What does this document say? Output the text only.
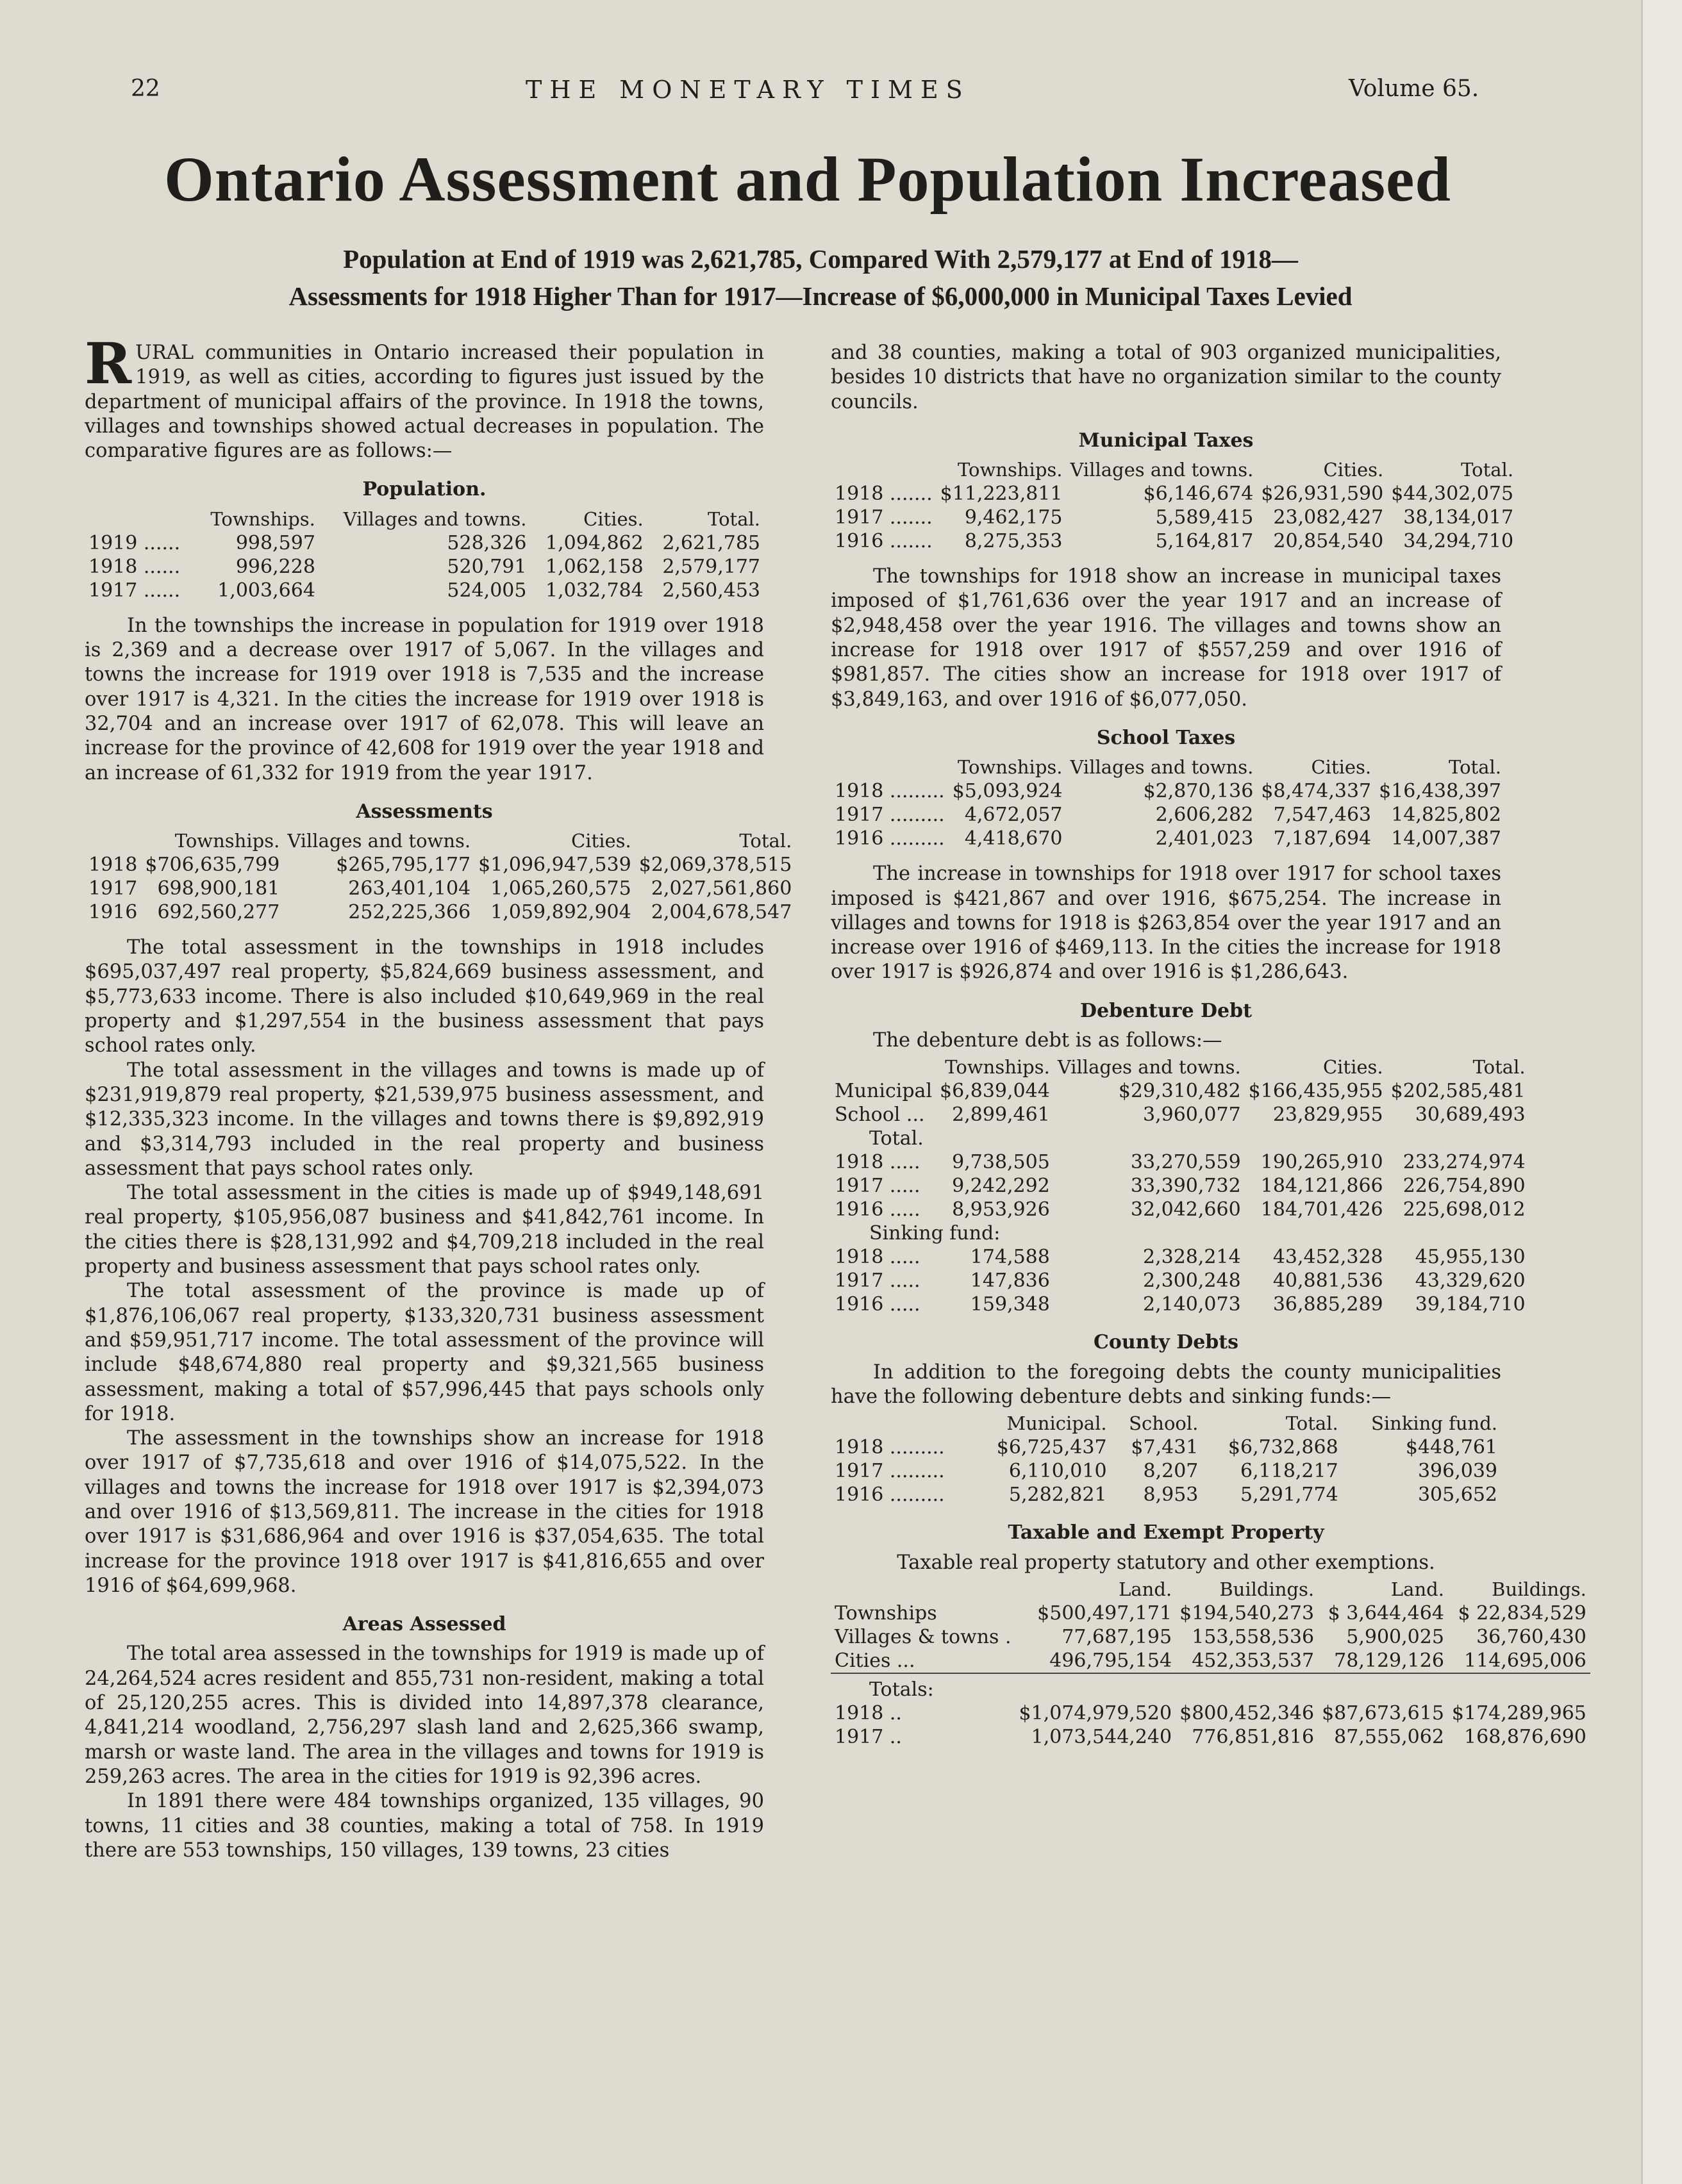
22	THE MONETARY TIMES	Volume 65.
Ontario Assessment and Population Increased
Population at End of 1919 was 2,621,785, Compared With 2,579,177 at End of 1918—
Assessments for 1918 Higher Than for 1917—Increase of $6,000,000 in Municipal Taxes Levied

RURAL communities in Ontario increased their population in 1919, as well as cities, according to figures just issued by the department of municipal affairs of the province. In 1918 the towns, villages and townships showed actual decreases in population. The comparative figures are as follows:—

Population.
	Townships.	Villages and towns.	Cities.	Total.
1919 ......	998,597	528,326	1,094,862	2,621,785
1918 ......	996,228	520,791	1,062,158	2,579,177
1917 ......	1,003,664	524,005	1,032,784	2,560,453

In the townships the increase in population for 1919 over 1918 is 2,369 and a decrease over 1917 of 5,067. In the villages and towns the increase for 1919 over 1918 is 7,535 and the increase over 1917 is 4,321. In the cities the increase for 1919 over 1918 is 32,704 and an increase over 1917 of 62,078. This will leave an increase for the province of 42,608 for 1919 over the year 1918 and an increase of 61,332 for 1919 from the year 1917.

Assessments
	Townships.	Villages and towns.	Cities.	Total.
1918	$706,635,799	$265,795,177	$1,096,947,539	$2,069,378,515
1917	698,900,181	263,401,104	1,065,260,575	2,027,561,860
1916	692,560,277	252,225,366	1,059,892,904	2,004,678,547

The total assessment in the townships in 1918 includes $695,037,497 real property, $5,824,669 business assessment, and $5,773,633 income. There is also included $10,649,969 in the real property and $1,297,554 in the business assessment that pays school rates only.

The total assessment in the villages and towns is made up of $231,919,879 real property, $21,539,975 business assessment, and $12,335,323 income. In the villages and towns there is $9,892,919 and $3,314,793 included in the real property and business assessment that pays school rates only.

The total assessment in the cities is made up of $949,148,691 real property, $105,956,087 business and $41,842,761 income. In the cities there is $28,131,992 and $4,709,218 included in the real property and business assessment that pays school rates only.

The total assessment of the province is made up of $1,876,106,067 real property, $133,320,731 business assessment and $59,951,717 income. The total assessment of the province will include $48,674,880 real property and $9,321,565 business assessment, making a total of $57,996,445 that pays schools only for 1918.

The assessment in the townships show an increase for 1918 over 1917 of $7,735,618 and over 1916 of $14,075,522. In the villages and towns the increase for 1918 over 1917 is $2,394,073 and over 1916 of $13,569,811. The increase in the cities for 1918 over 1917 is $31,686,964 and over 1916 is $37,054,635. The total increase for the province 1918 over 1917 is $41,816,655 and over 1916 of $64,699,968.

Areas Assessed

The total area assessed in the townships for 1919 is made up of 24,264,524 acres resident and 855,731 non-resident, making a total of 25,120,255 acres. This is divided into 14,897,378 clearance, 4,841,214 woodland, 2,756,297 slash land and 2,625,366 swamp, marsh or waste land. The area in the villages and towns for 1919 is 259,263 acres. The area in the cities for 1919 is 92,396 acres.

In 1891 there were 484 townships organized, 135 villages, 90 towns, 11 cities and 38 counties, making a total of 758. In 1919 there are 553 townships, 150 villages, 139 towns, 23 cities

and 38 counties, making a total of 903 organized municipalities, besides 10 districts that have no organization similar to the county councils.

Municipal Taxes
	Townships.	Villages and towns.	Cities.	Total.
1918 .......	$11,223,811	$6,146,674	$26,931,590	$44,302,075
1917 .......	9,462,175	5,589,415	23,082,427	38,134,017
1916 .......	8,275,353	5,164,817	20,854,540	34,294,710

The townships for 1918 show an increase in municipal taxes imposed of $1,761,636 over the year 1917 and an increase of $2,948,458 over the year 1916. The villages and towns show an increase for 1918 over 1917 of $557,259 and over 1916 of $981,857. The cities show an increase for 1918 over 1917 of $3,849,163, and over 1916 of $6,077,050.

School Taxes
	Townships.	Villages and towns.	Cities.	Total.
1918 .........	$5,093,924	$2,870,136	$8,474,337	$16,438,397
1917 .........	4,672,057	2,606,282	7,547,463	14,825,802
1916 .........	4,418,670	2,401,023	7,187,694	14,007,387

The increase in townships for 1918 over 1917 for school taxes imposed is $421,867 and over 1916, $675,254. The increase in villages and towns for 1918 is $263,854 over the year 1917 and an increase over 1916 of $469,113. In the cities the increase for 1918 over 1917 is $926,874 and over 1916 is $1,286,643.

Debenture Debt

The debenture debt is as follows:—

	Townships.	Villages and towns.	Cities.	Total.
Municipal	$6,839,044	$29,310,482	$166,435,955	$202,585,481
School ...	2,899,461	3,960,077	23,829,955	30,689,493
Total.				
1918 .....	9,738,505	33,270,559	190,265,910	233,274,974
1917 .....	9,242,292	33,390,732	184,121,866	226,754,890
1916 .....	8,953,926	32,042,660	184,701,426	225,698,012
Sinking fund:				
1918 .....	174,588	2,328,214	43,452,328	45,955,130
1917 .....	147,836	2,300,248	40,881,536	43,329,620
1916 .....	159,348	2,140,073	36,885,289	39,184,710
County Debts

In addition to the foregoing debts the county municipalities have the following debenture debts and sinking funds:—

	Municipal.	School.	Total.	Sinking fund.
1918 .........	$6,725,437	$7,431	$6,732,868	$448,761
1917 .........	6,110,010	8,207	6,118,217	396,039
1916 .........	5,282,821	8,953	5,291,774	305,652
Taxable and Exempt Property
Taxable real property statutory and other exemptions.
	Land.	Buildings.	Land.	Buildings.
Townships	$500,497,171	$194,540,273	$ 3,644,464	$ 22,834,529
Villages & towns .	77,687,195	153,558,536	5,900,025	36,760,430
Cities ...	496,795,154	452,353,537	78,129,126	114,695,006

Totals:				
1918 ..	$1,074,979,520	$800,452,346	$87,673,615	$174,289,965
1917 ..	1,073,544,240	776,851,816	87,555,062	168,876,690
